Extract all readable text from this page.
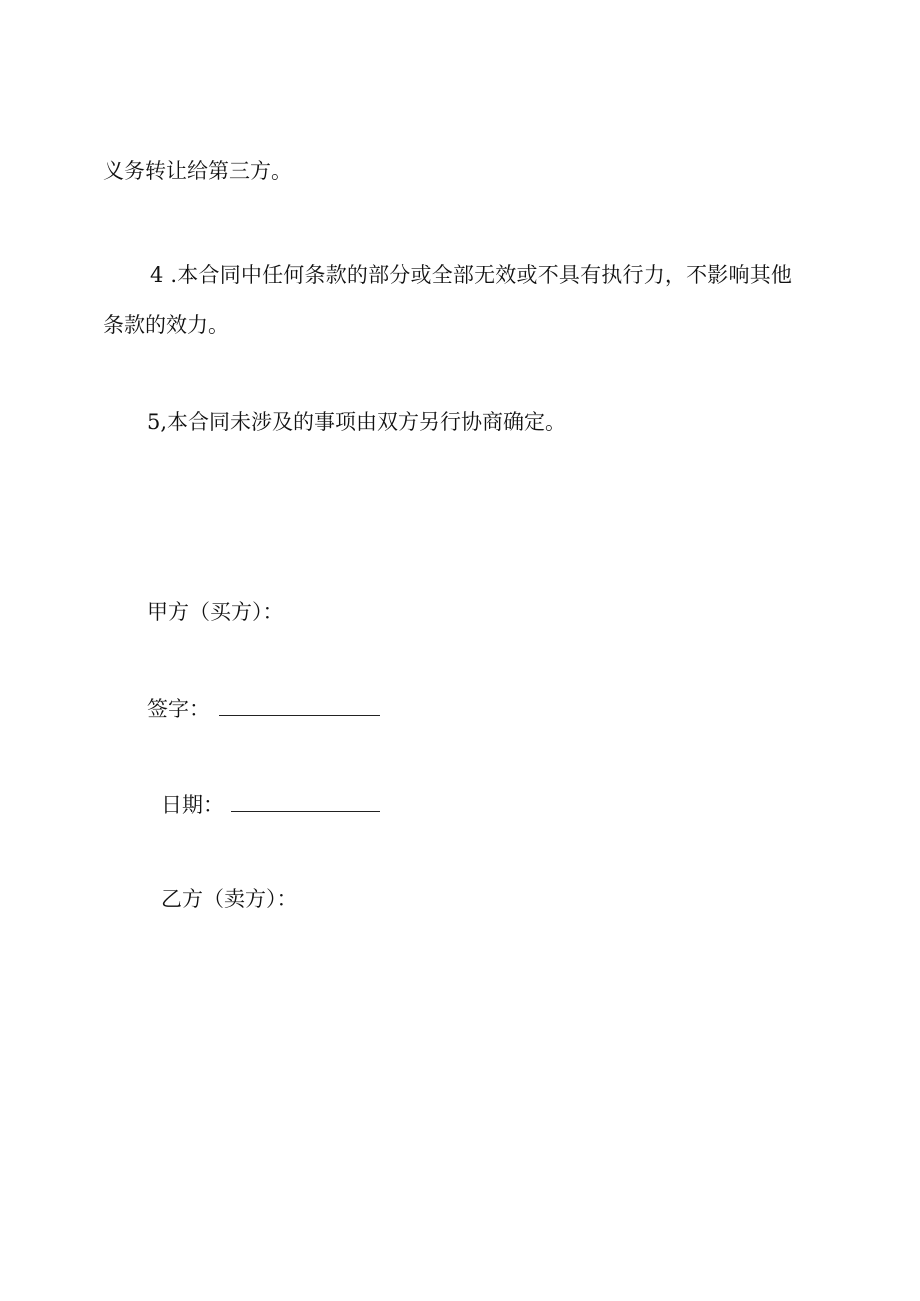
义务转让给第三方。
4 .本合同中任何条款的部分或全部无效或不具有执行力，不影响其他
条款的效力。
5,本合同未涉及的事项由双方另行协商确定。
甲方（买方）：
签字：
日期：
乙方（卖方）：
